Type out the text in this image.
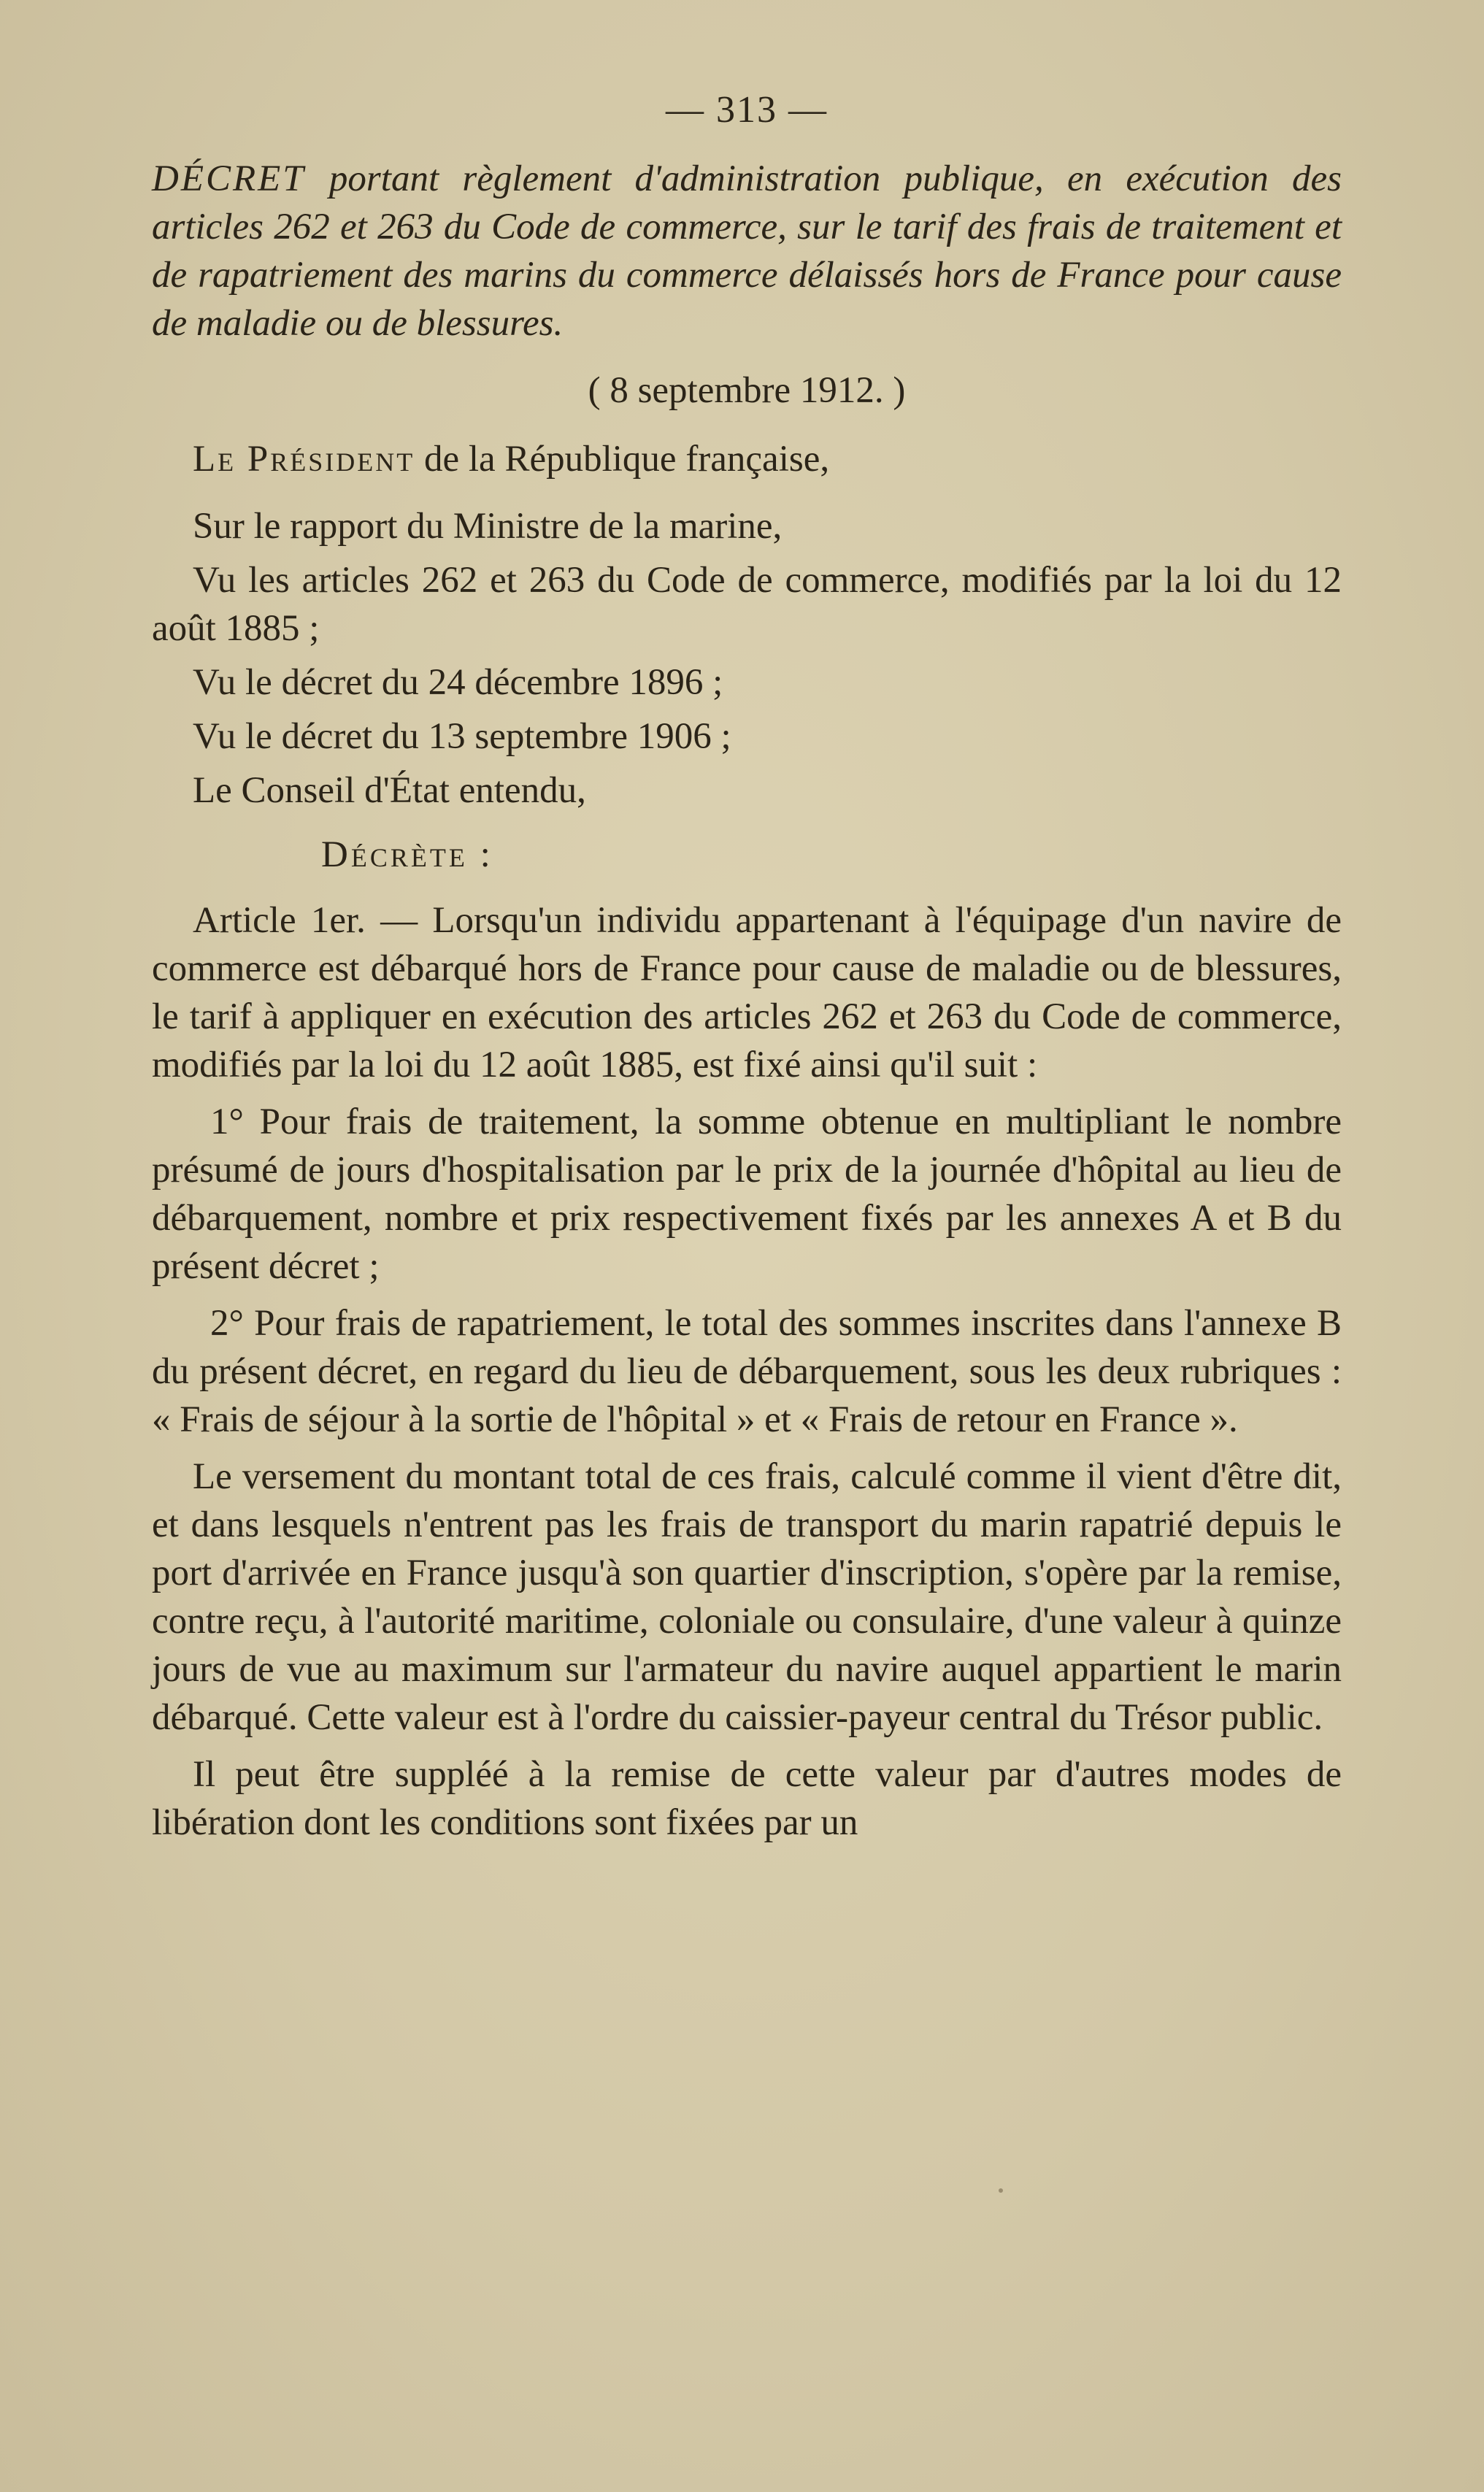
— 313 —

DÉCRET portant règlement d'administration publique, en exécution des articles 262 et 263 du Code de commerce, sur le tarif des frais de traitement et de rapatriement des marins du commerce délaissés hors de France pour cause de maladie ou de blessures.

( 8 septembre 1912. )

Le Président de la République française,

Sur le rapport du Ministre de la marine,

Vu les articles 262 et 263 du Code de commerce, modifiés par la loi du 12 août 1885 ;

Vu le décret du 24 décembre 1896 ;

Vu le décret du 13 septembre 1906 ;

Le Conseil d'État entendu,

Décrète :

Article 1er. — Lorsqu'un individu appartenant à l'équipage d'un navire de commerce est débarqué hors de France pour cause de maladie ou de blessures, le tarif à appliquer en exécution des articles 262 et 263 du Code de commerce, modifiés par la loi du 12 août 1885, est fixé ainsi qu'il suit :

1° Pour frais de traitement, la somme obtenue en multipliant le nombre présumé de jours d'hospitalisation par le prix de la journée d'hôpital au lieu de débarquement, nombre et prix respectivement fixés par les annexes A et B du présent décret ;

2° Pour frais de rapatriement, le total des sommes inscrites dans l'annexe B du présent décret, en regard du lieu de débarquement, sous les deux rubriques : « Frais de séjour à la sortie de l'hôpital » et « Frais de retour en France ».

Le versement du montant total de ces frais, calculé comme il vient d'être dit, et dans lesquels n'entrent pas les frais de transport du marin rapatrié depuis le port d'arrivée en France jusqu'à son quartier d'inscription, s'opère par la remise, contre reçu, à l'autorité maritime, coloniale ou consulaire, d'une valeur à quinze jours de vue au maximum sur l'armateur du navire auquel appartient le marin débarqué. Cette valeur est à l'ordre du caissier-payeur central du Trésor public.

Il peut être suppléé à la remise de cette valeur par d'autres modes de libération dont les conditions sont fixées par un
